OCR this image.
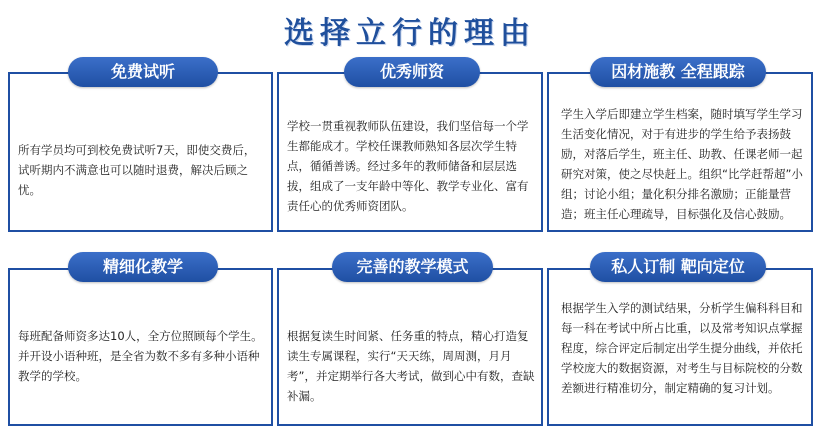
选择立行的理由
所有学员均可到校免费试听7天，即使交费后，试听期内不满意也可以随时退费，解决后顾之忧。
免费试听
学校一贯重视教师队伍建设，我们坚信每一个学生都能成才。学校任课教师熟知各层次学生特点，循循善诱。经过多年的教师储备和层层选拔，组成了一支年龄中等化、教学专业化、富有责任心的优秀师资团队。
优秀师资
学生入学后即建立学生档案，随时填写学生学习生活变化情况，对于有进步的学生给予表扬鼓励，对落后学生，班主任、助教、任课老师一起研究对策，使之尽快赶上。组织“比学赶帮超”小组；讨论小组；量化积分排名激励；正能量营造；班主任心理疏导，目标强化及信心鼓励。
因材施教 全程跟踪
每班配备师资多达10人，全方位照顾每个学生。并开设小语种班，是全省为数不多有多种小语种教学的学校。
精细化教学
根据复读生时间紧、任务重的特点，精心打造复读生专属课程，实行“天天练，周周测，月月考”，并定期举行各大考试，做到心中有数，查缺补漏。
完善的教学模式
根据学生入学的测试结果，分析学生偏科科目和每一科在考试中所占比重，以及常考知识点掌握程度，综合评定后制定出学生提分曲线，并依托学校庞大的数据资源，对考生与目标院校的分数差额进行精准切分，制定精确的复习计划。
私人订制 靶向定位
